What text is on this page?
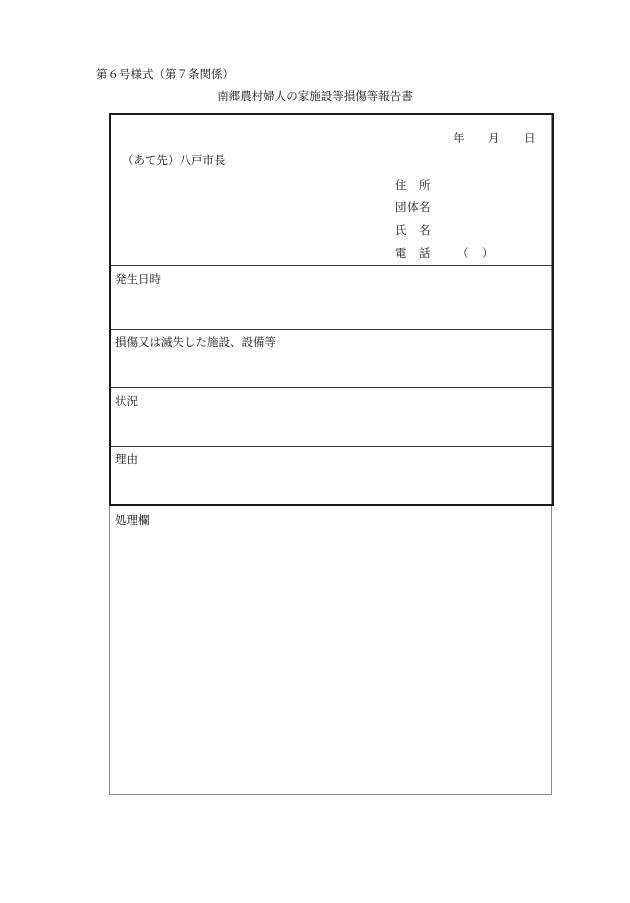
第６号様式（第７条関係）
南郷農村婦人の家施設等損傷等報告書
年 月 日
（あて先）八戸市長
住　所
団体名
氏　名
電　話 （ ）
発生日時
損傷又は滅失した施設、設備等
状況
理由
処理欄
